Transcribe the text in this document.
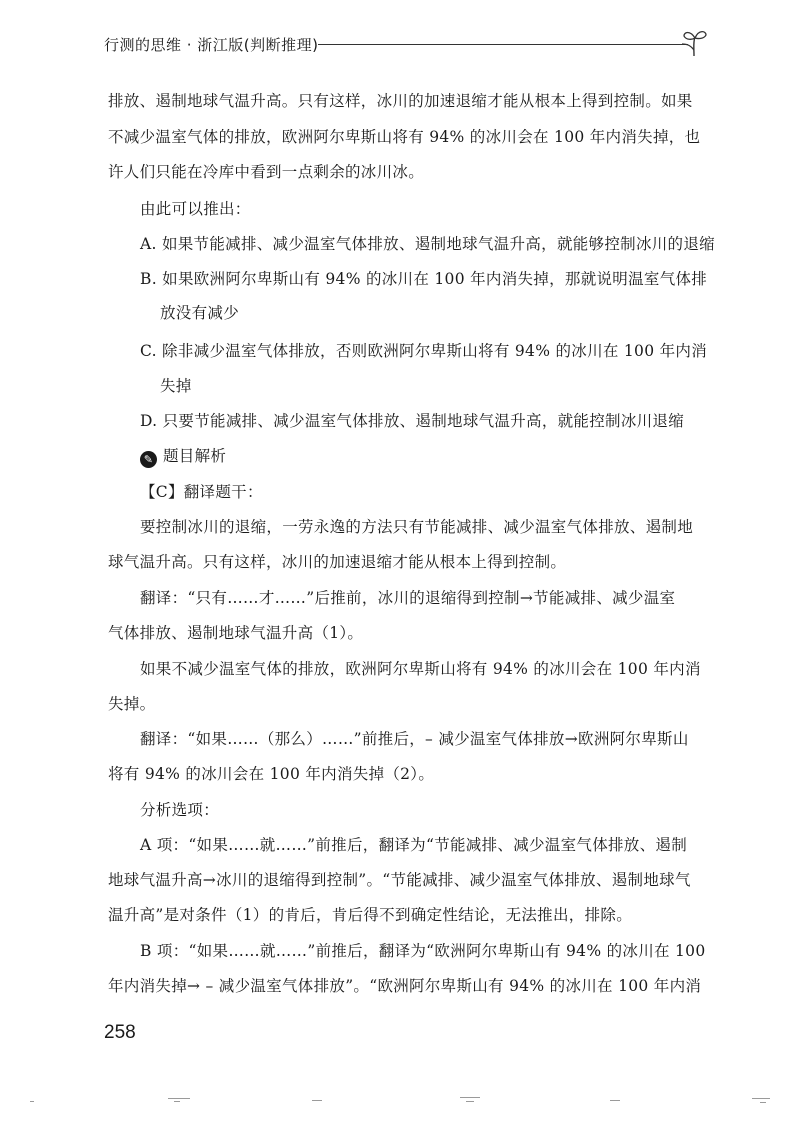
行测的思维 · 浙江版(判断推理)
排放、遏制地球气温升高。只有这样，冰川的加速退缩才能从根本上得到控制。如果
不减少温室气体的排放，欧洲阿尔卑斯山将有 94% 的冰川会在 100 年内消失掉，也
许人们只能在冷库中看到一点剩余的冰川冰。
由此可以推出：
A. 如果节能减排、减少温室气体排放、遏制地球气温升高，就能够控制冰川的退缩
B. 如果欧洲阿尔卑斯山有 94% 的冰川在 100 年内消失掉，那就说明温室气体排
放没有减少
C. 除非减少温室气体排放，否则欧洲阿尔卑斯山将有 94% 的冰川在 100 年内消
失掉
D. 只要节能减排、减少温室气体排放、遏制地球气温升高，就能控制冰川退缩
✎ 题目解析
【C】翻译题干：
要控制冰川的退缩，一劳永逸的方法只有节能减排、减少温室气体排放、遏制地
球气温升高。只有这样，冰川的加速退缩才能从根本上得到控制。
翻译：“只有……才……”后推前，冰川的退缩得到控制→节能减排、减少温室
气体排放、遏制地球气温升高（1）。
如果不减少温室气体的排放，欧洲阿尔卑斯山将有 94% 的冰川会在 100 年内消
失掉。
翻译：“如果……（那么）……”前推后，– 减少温室气体排放→欧洲阿尔卑斯山
将有 94% 的冰川会在 100 年内消失掉（2）。
分析选项：
A 项：“如果……就……”前推后，翻译为“节能减排、减少温室气体排放、遏制
地球气温升高→冰川的退缩得到控制”。“节能减排、减少温室气体排放、遏制地球气
温升高”是对条件（1）的肯后，肯后得不到确定性结论，无法推出，排除。
B 项：“如果……就……”前推后，翻译为“欧洲阿尔卑斯山有 94% 的冰川在 100
年内消失掉→ – 减少温室气体排放”。“欧洲阿尔卑斯山有 94% 的冰川在 100 年内消
258
